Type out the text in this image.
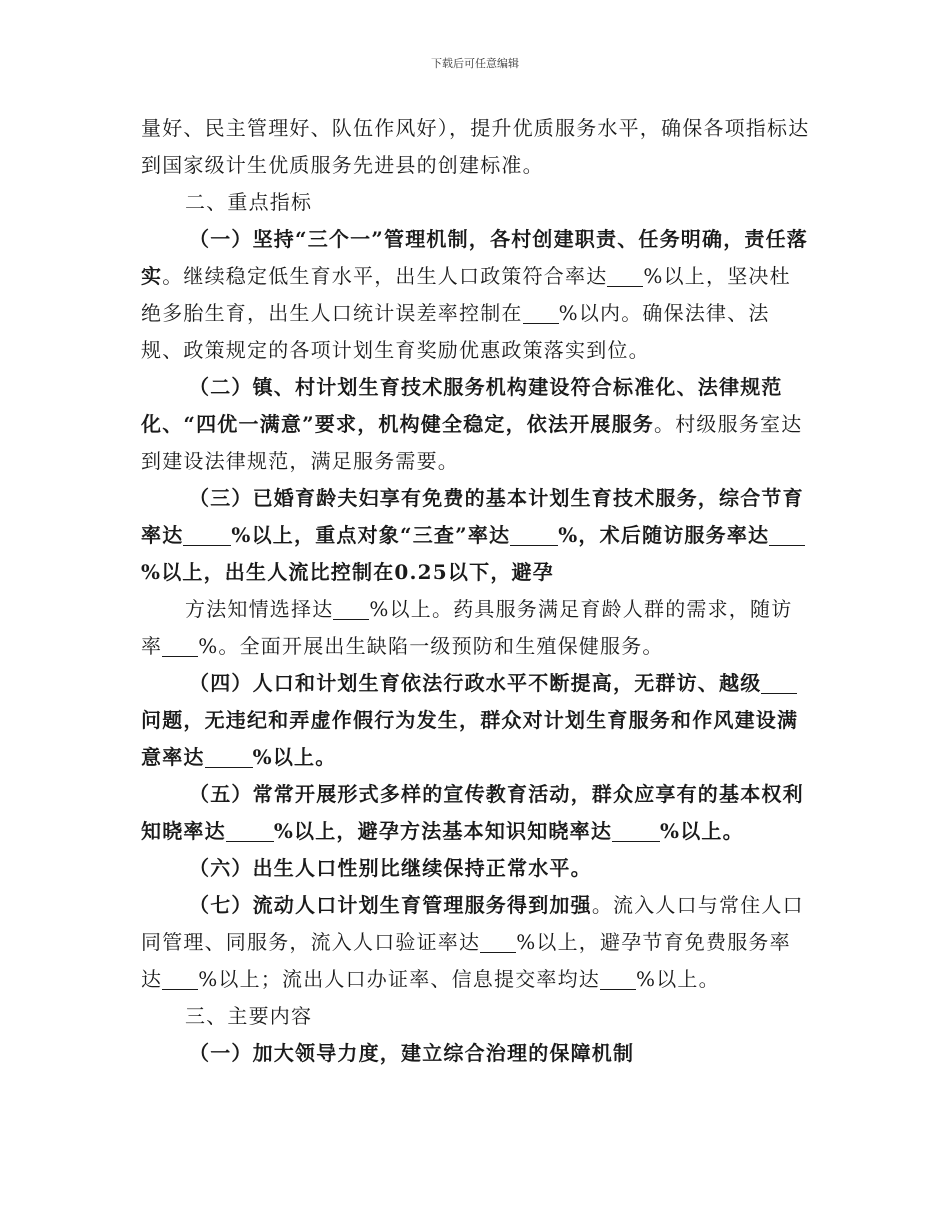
下载后可任意编辑

量好、民主管理好、队伍作风好），提升优质服务水平，确保各项指标达到国家级计生优质服务先进县的创建标准。

二、重点指标

（一）坚持“三个一”管理机制，各村创建职责、任务明确，责任落实。继续稳定低生育水平，出生人口政策符合率达 %以上，坚决杜绝多胎生育，出生人口统计误差率控制在 %以内。确保法律、法规、政策规定的各项计划生育奖励优惠政策落实到位。

（二）镇、村计划生育技术服务机构建设符合标准化、法律规范化、“四优一满意”要求，机构健全稳定，依法开展服务。村级服务室达到建设法律规范，满足服务需要。

（三）已婚育龄夫妇享有免费的基本计划生育技术服务，综合节育率达 %以上，重点对象“三查”率达 %，术后随访服务率达%以上，出生人流比控制在0.25以下，避孕

方法知情选择达 %以上。药具服务满足育龄人群的需求，随访率 %。全面开展出生缺陷一级预防和生殖保健服务。

（四）人口和计划生育依法行政水平不断提高，无群访、越级问题，无违纪和弄虚作假行为发生，群众对计划生育服务和作风建设满意率达 %以上。

（五）常常开展形式多样的宣传教育活动，群众应享有的基本权利知晓率达 %以上，避孕方法基本知识知晓率达 %以上。

（六）出生人口性别比继续保持正常水平。

（七）流动人口计划生育管理服务得到加强。流入人口与常住人口同管理、同服务，流入人口验证率达 %以上，避孕节育免费服务率达 %以上；流出人口办证率、信息提交率均达 %以上。

三、主要内容

（一）加大领导力度，建立综合治理的保障机制
